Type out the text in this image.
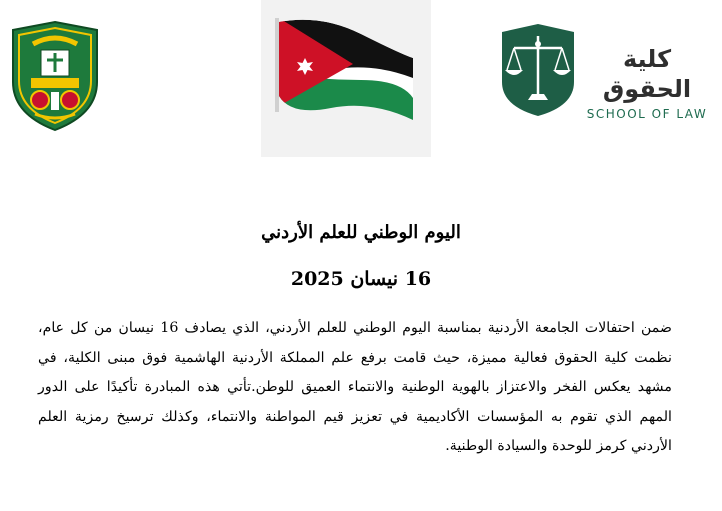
كلية الحقوق
SCHOOL OF LAW
اليوم الوطني للعلم الأردني
16 نيسان 2025
ضمن احتفالات الجامعة الأردنية بمناسبة اليوم الوطني للعلم الأردني، الذي يصادف 16 نيسان من كل عام، نظمت كلية الحقوق فعالية مميزة، حيث قامت برفع علم المملكة الأردنية الهاشمية فوق مبنى الكلية، في مشهد يعكس الفخر والاعتزاز بالهوية الوطنية والانتماء العميق للوطن.تأتي هذه المبادرة تأكيدًا على الدور المهم الذي تقوم به المؤسسات الأكاديمية في تعزيز قيم المواطنة والانتماء، وكذلك ترسيخ رمزية العلم الأردني كرمز للوحدة والسيادة الوطنية.
